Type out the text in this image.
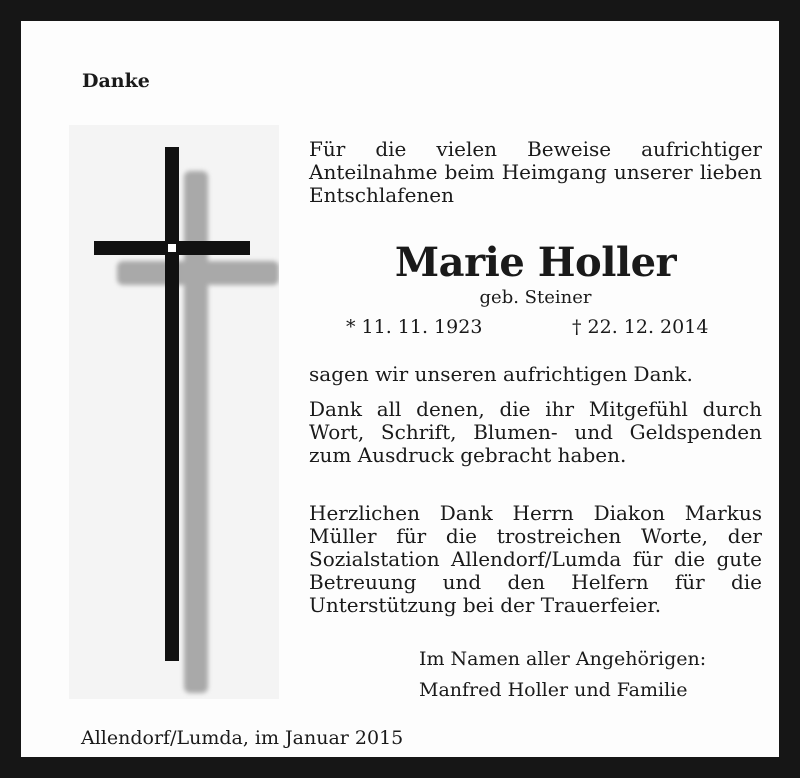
Danke
Für die vielen Beweise aufrichtiger Anteilnahme beim Heimgang unserer lieben Entschlafenen
Marie Holler
geb. Steiner
* 11. 11. 1923	† 22. 12. 2014
sagen wir unseren aufrichtigen Dank.
Dank all denen, die ihr Mitgefühl durch Wort, Schrift, Blumen- und Geldspenden zum Ausdruck gebracht haben.
Herzlichen Dank Herrn Diakon Markus Müller für die trostreichen Worte, der Sozialstation Allendorf/Lumda für die gute Betreuung und den Helfern für die Unterstützung bei der Trauerfeier.
Im Namen aller Angehörigen:
Manfred Holler und Familie
Allendorf/Lumda, im Januar 2015
